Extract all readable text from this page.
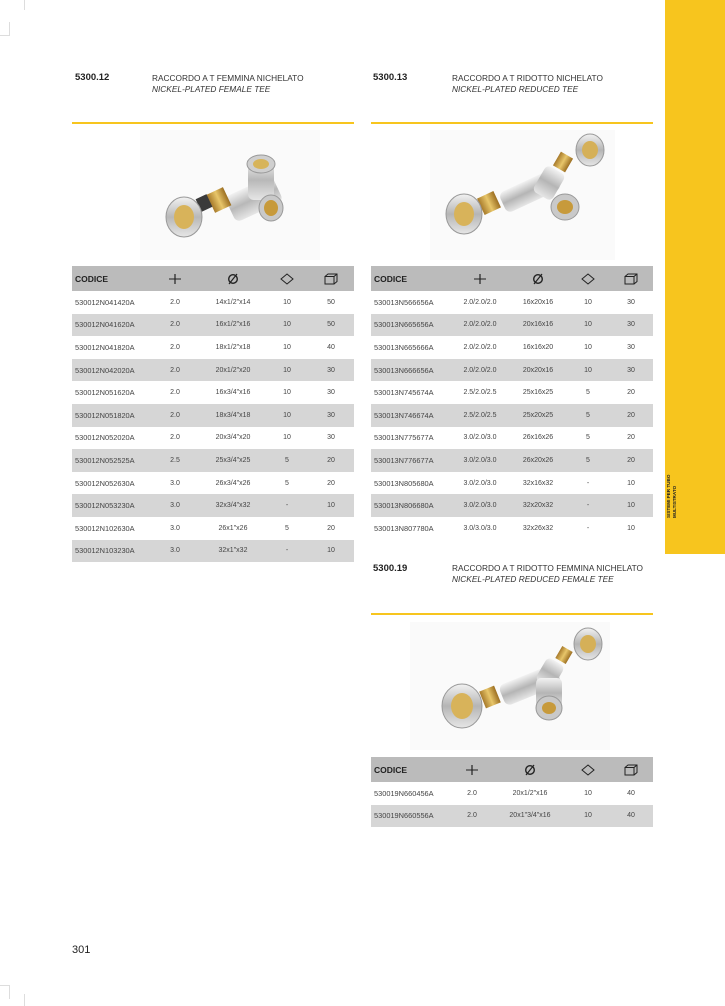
SISTEMI PER TUBO MULTISTRATO
5300.12	RACCORDO A T FEMMINA NICHELATO
NICKEL-PLATED FEMALE TEE
CODICE				
530012N041420A	2.0	14x1/2"x14	10	50
530012N041620A	2.0	16x1/2"x16	10	50
530012N041820A	2.0	18x1/2"x18	10	40
530012N042020A	2.0	20x1/2"x20	10	30
530012N051620A	2.0	16x3/4"x16	10	30
530012N051820A	2.0	18x3/4"x18	10	30
530012N052020A	2.0	20x3/4"x20	10	30
530012N052525A	2.5	25x3/4"x25	5	20
530012N052630A	3.0	26x3/4"x26	5	20
530012N053230A	3.0	32x3/4"x32	-	10
530012N102630A	3.0	26x1"x26	5	20
530012N103230A	3.0	32x1"x32	-	10
5300.13	RACCORDO A T RIDOTTO NICHELATO
NICKEL-PLATED REDUCED TEE
CODICE				
530013N566656A	2.0/2.0/2.0	16x20x16	10	30
530013N665656A	2.0/2.0/2.0	20x16x16	10	30
530013N665666A	2.0/2.0/2.0	16x16x20	10	30
530013N666656A	2.0/2.0/2.0	20x20x16	10	30
530013N745674A	2.5/2.0/2.5	25x16x25	5	20
530013N746674A	2.5/2.0/2.5	25x20x25	5	20
530013N775677A	3.0/2.0/3.0	26x16x26	5	20
530013N776677A	3.0/2.0/3.0	26x20x26	5	20
530013N805680A	3.0/2.0/3.0	32x16x32	-	10
530013N806680A	3.0/2.0/3.0	32x20x32	-	10
530013N807780A	3.0/3.0/3.0	32x26x32	-	10
5300.19	RACCORDO A T RIDOTTO FEMMINA NICHELATO
NICKEL-PLATED REDUCED FEMALE TEE
CODICE				
530019N660456A	2.0	20x1/2"x16	10	40
530019N660556A	2.0	20x1"3/4"x16	10	40
301
